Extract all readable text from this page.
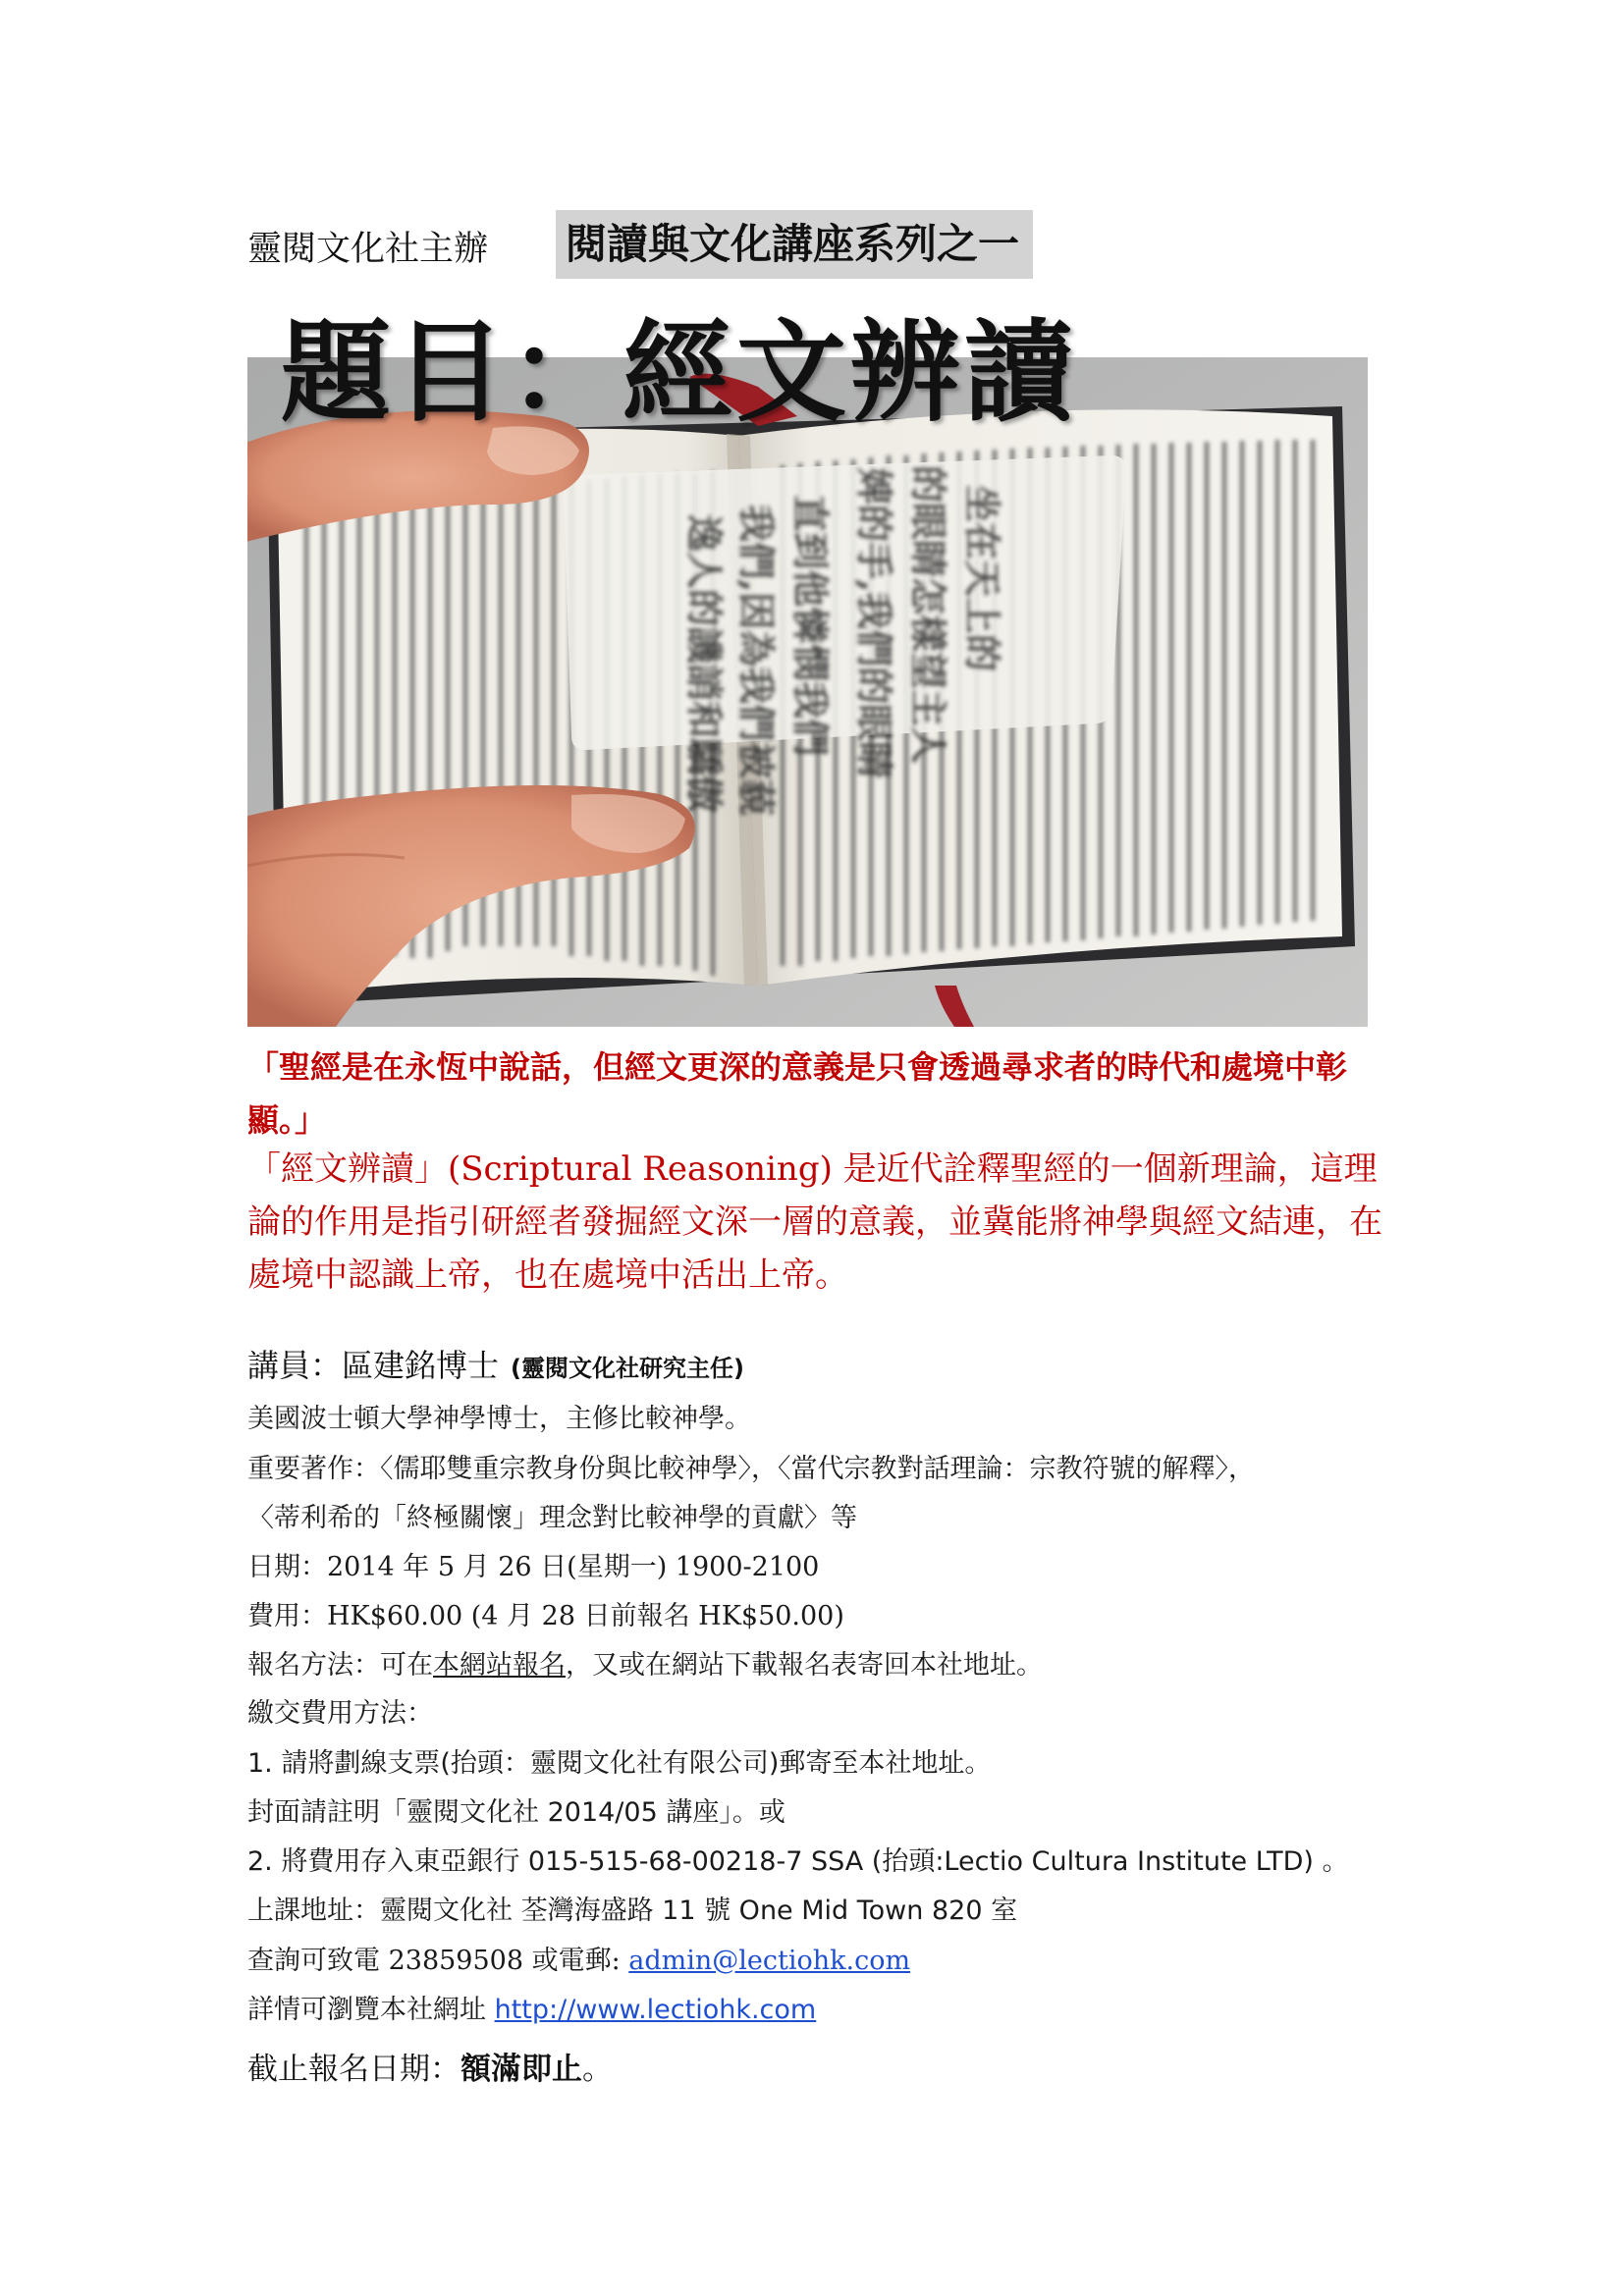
靈閱文化社主辦 閱讀與文化講座系列之一
坐在天上的
的眼睛怎樣望主人
婢的手,我們的眼睛
直到他憐憫我們
我們,因為我們被藐
逸人的譏誚和驕傲
題目：經文辨讀
「聖經是在永恆中說話，但經文更深的意義是只會透過尋求者的時代和處境中彰顯。」
「經文辨讀」(Scriptural Reasoning) 是近代詮釋聖經的一個新理論，這理論的作用是指引研經者發掘經文深一層的意義，並冀能將神學與經文結連，在處境中認識上帝，也在處境中活出上帝。
講員：區建銘博士 (靈閱文化社研究主任)
美國波士頓大學神學博士，主修比較神學。
重要著作：〈儒耶雙重宗教身份與比較神學〉，〈當代宗教對話理論：宗教符號的解釋〉，
〈蒂利希的「終極關懷」理念對比較神學的貢獻〉等
日期：2014 年 5 月 26 日(星期一) 1900-2100
費用：HK$60.00 (4 月 28 日前報名 HK$50.00)
報名方法：可在本網站報名，又或在網站下載報名表寄回本社地址。
繳交費用方法：
1. 請將劃線支票(抬頭：靈閱文化社有限公司)郵寄至本社地址。
封面請註明「靈閱文化社 2014/05 講座」。或
2. 將費用存入東亞銀行 015-515-68-00218-7 SSA (抬頭:Lectio Cultura Institute LTD) 。
上課地址：靈閱文化社 荃灣海盛路 11 號 One Mid Town 820 室
查詢可致電 23859508 或電郵: admin@lectiohk.com
詳情可瀏覽本社網址 http://www.lectiohk.com
截止報名日期：額滿即止。
